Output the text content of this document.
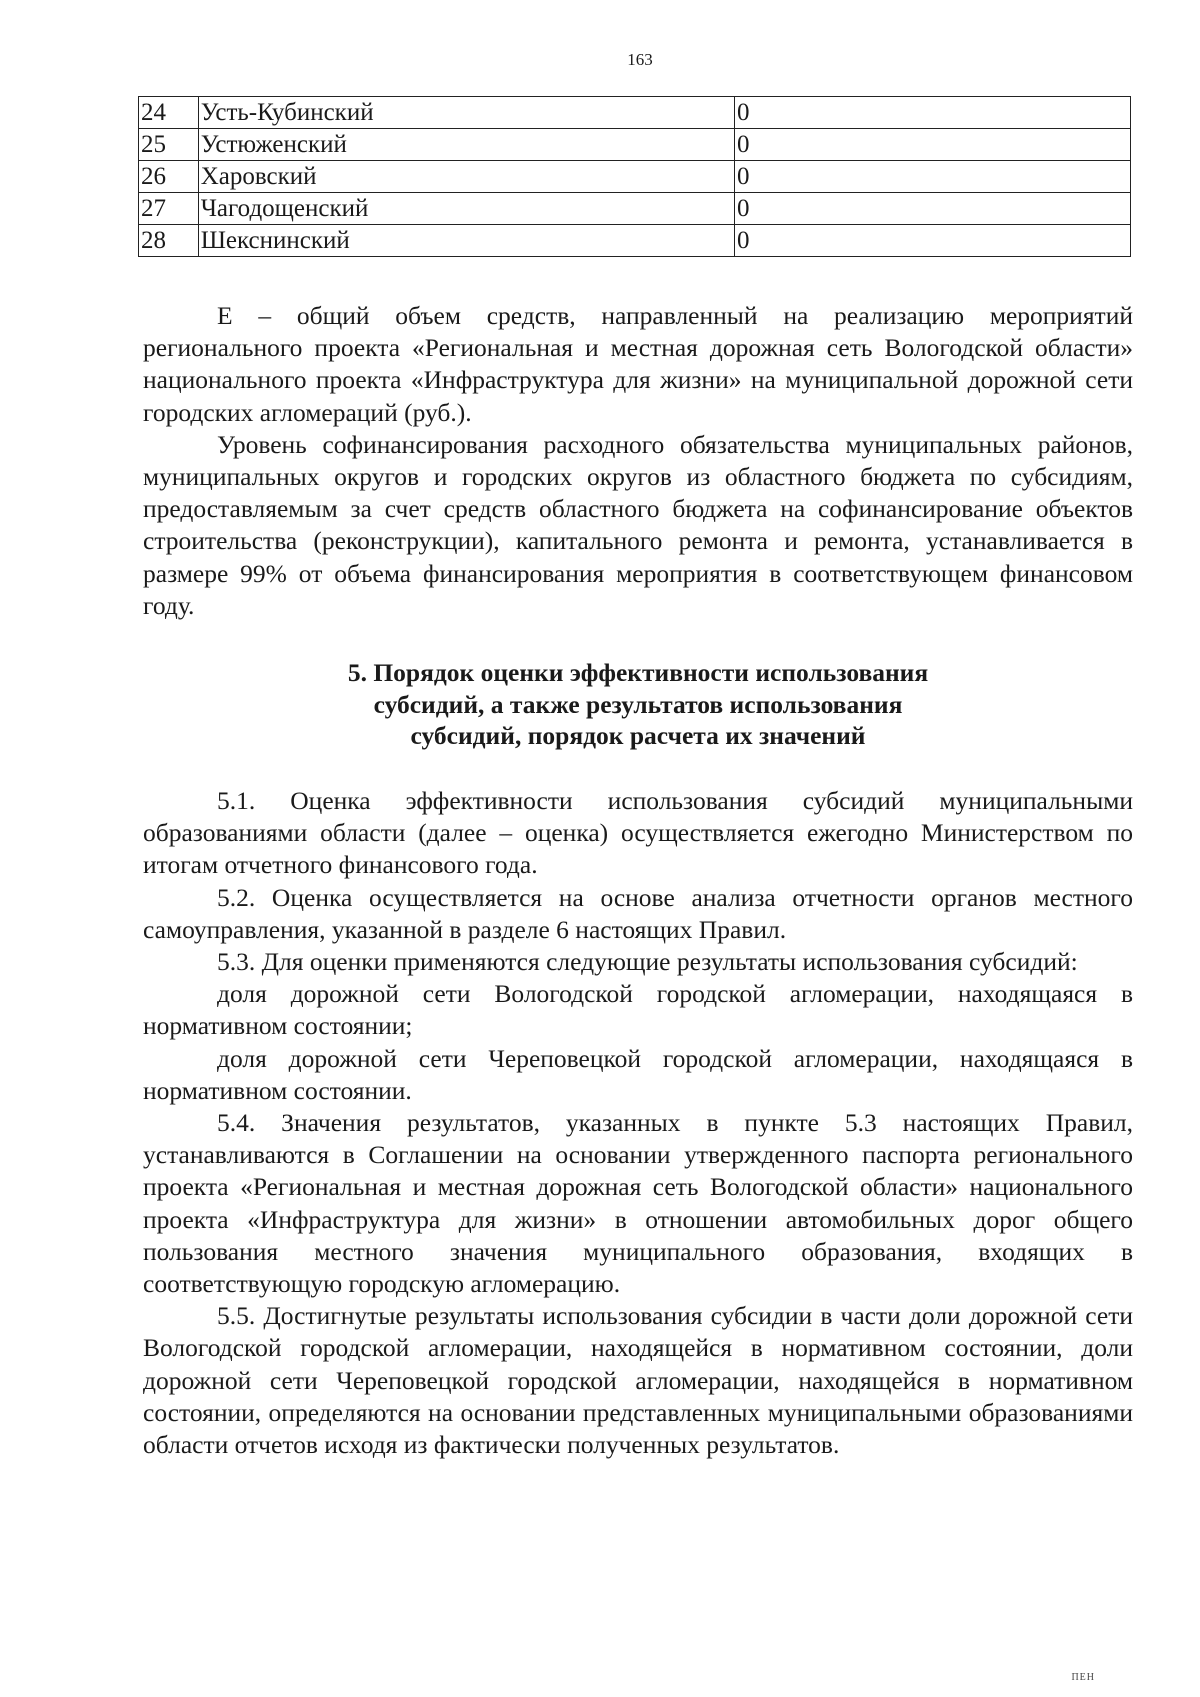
163
24	Усть-Кубинский	0
25	Устюженский	0
26	Харовский	0
27	Чагодощенский	0
28	Шекснинский	0

E – общий объем средств, направленный на реализацию мероприятий регионального проекта «Региональная и местная дорожная сеть Вологодской области» национального проекта «Инфраструктура для жизни» на муниципальной дорожной сети городских агломераций (руб.).

Уровень софинансирования расходного обязательства муниципальных районов, муниципальных округов и городских округов из областного бюджета по субсидиям, предоставляемым за счет средств областного бюджета на софинансирование объектов строительства (реконструкции), капитального ремонта и ремонта, устанавливается в размере 99% от объема финансирования мероприятия в соответствующем финансовом году.

5. Порядок оценки эффективности использования
субсидий, а также результатов использования
субсидий, порядок расчета их значений

5.1. Оценка эффективности использования субсидий муниципальными образованиями области (далее – оценка) осуществляется ежегодно Министерством по итогам отчетного финансового года.

5.2. Оценка осуществляется на основе анализа отчетности органов местного самоуправления, указанной в разделе 6 настоящих Правил.

5.3. Для оценки применяются следующие результаты использования субсидий:

доля дорожной сети Вологодской городской агломерации, находящаяся в нормативном состоянии;

доля дорожной сети Череповецкой городской агломерации, находящаяся в нормативном состоянии.

5.4. Значения результатов, указанных в пункте 5.3 настоящих Правил, устанавливаются в Соглашении на основании утвержденного паспорта регионального проекта «Региональная и местная дорожная сеть Вологодской области» национального проекта «Инфраструктура для жизни» в отношении автомобильных дорог общего пользования местного значения муниципального образования, входящих в соответствующую городскую агломерацию.

5.5. Достигнутые результаты использования субсидии в части доли дорожной сети Вологодской городской агломерации, находящейся в нормативном состоянии, доли дорожной сети Череповецкой городской агломерации, находящейся в нормативном состоянии, определяются на основании представленных муниципальными образованиями области отчетов исходя из фактически полученных результатов.

ПЕН
